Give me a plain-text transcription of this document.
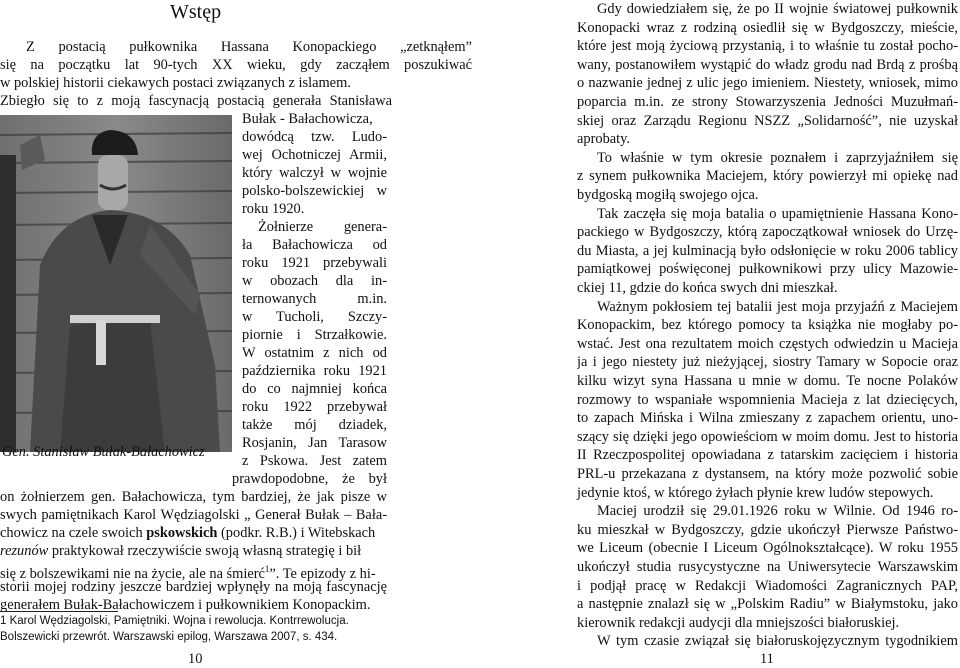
Wstęp
Z postacią pułkownika Hassana Konopackiego „zetknąłem”
się na początku lat 90-tych XX wieku, gdy zacząłem poszukiwać
w polskiej historii ciekawych postaci związanych z islamem.
Zbiegło się to z moją fascynacją postacią generała Stanisława
Gen. Stanisław Bułak-Bałachowicz
Bułak - Bałachowicza,
dowódcą tzw. Ludo-
wej Ochotniczej Armii,
który walczył w wojnie
polsko-bolszewickiej w
roku 1920.
Żołnierze genera-
ła Bałachowicza od
roku 1921 przebywali
w obozach dla in-
ternowanych m.in.
w Tucholi, Szczy-
piornie i Strzałkowie.
W ostatnim z nich od
października roku 1921
do co najmniej końca
roku 1922 przebywał
także mój dziadek,
Rosjanin, Jan Tarasow
z Pskowa. Jest zatem
prawdopodobne, że był
on żołnierzem gen. Bałachowicza, tym bardziej, że jak pisze w
swych pamiętnikach Karol Wędziagolski „ Generał Bułak – Bała-
chowicz na czele swoich pskowskich (podkr. R.B.) i Witebskach
rezunów praktykował rzeczywiście swoją własną strategię i bił
się z bolszewikami nie na życie, ale na śmierć$^1$”. Te epizody z hi-
storii mojej rodziny jeszcze bardziej wpłynęły na moją fascynację
generałem Bułak-Bałachowiczem i pułkownikiem Konopackim.
1 Karol Wędziagolski, Pamiętniki. Wojna i rewolucja. Kontrrewolucja.
Bolszewicki przewrót. Warszawski epilog, Warszawa 2007, s. 434.
10
Gdy dowiedziałem się, że po II wojnie światowej pułkownik
Konopacki wraz z rodziną osiedlił się w Bydgoszczy, mieście,
które jest moją życiową przystanią, i to właśnie tu został pocho-
wany, postanowiłem wystąpić do władz grodu nad Brdą z prośbą
o nazwanie jednej z ulic jego imieniem. Niestety, wniosek, mimo
poparcia m.in. ze strony Stowarzyszenia Jedności Muzułmań-
skiej oraz Zarządu Regionu NSZZ „Solidarność”, nie uzyskał
aprobaty.
To właśnie w tym okresie poznałem i zaprzyjaźniłem się
z synem pułkownika Maciejem, który powierzył mi opiekę nad
bydgoską mogiłą swojego ojca.
Tak zaczęła się moja batalia o upamiętnienie Hassana Kono-
packiego w Bydgoszczy, którą zapoczątkował wniosek do Urzę-
du Miasta, a jej kulminacją było odsłonięcie w roku 2006 tablicy
pamiątkowej poświęconej pułkownikowi przy ulicy Mazowie-
ckiej 11, gdzie do końca swych dni mieszkał.
Ważnym pokłosiem tej batalii jest moja przyjaźń z Maciejem
Konopackim, bez którego pomocy ta książka nie mogłaby po-
wstać. Jest ona rezultatem moich częstych odwiedzin u Macieja
ja i jego niestety już nieżyjącej, siostry Tamary w Sopocie oraz
kilku wizyt syna Hassana u mnie w domu. Te nocne Polaków
rozmowy to wspaniałe wspomnienia Macieja z lat dziecięcych,
to zapach Mińska i Wilna zmieszany z zapachem orientu, uno-
szący się dzięki jego opowieściom w moim domu. Jest to historia
II Rzeczpospolitej opowiadana z tatarskim zacięciem i historia
PRL-u przekazana z dystansem, na który może pozwolić sobie
jedynie ktoś, w którego żyłach płynie krew ludów stepowych.
Maciej urodził się 29.01.1926 roku w Wilnie. Od 1946 ro-
ku mieszkał w Bydgoszczy, gdzie ukończył Pierwsze Państwo-
we Liceum (obecnie I Liceum Ogólnokształcące). W roku 1955
ukończył studia rusycystyczne na Uniwersytecie Warszawskim
i podjął pracę w Redakcji Wiadomości Zagranicznych PAP,
a następnie znalazł się w „Polskim Radiu” w Białymstoku, jako
kierownik redakcji audycji dla mniejszości białoruskiej.
W tym czasie związał się białoruskojęzycznym tygodnikiem
11
